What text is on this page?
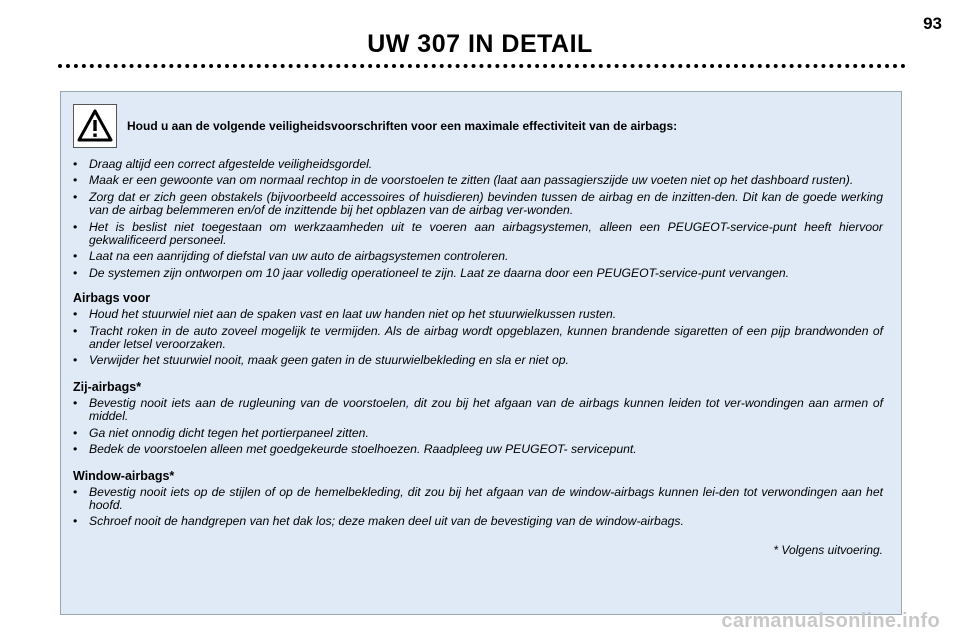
93
UW 307 IN DETAIL
Houd u aan de volgende veiligheidsvoorschriften voor een maximale effectiviteit van de airbags:
• Draag altijd een correct afgestelde veiligheidsgordel.
• Maak er een gewoonte van om normaal rechtop in de voorstoelen te zitten (laat aan passagierszijde uw voeten niet op het dashboard rusten).
• Zorg dat er zich geen obstakels (bijvoorbeeld accessoires of huisdieren) bevinden tussen de airbag en de inzitten-den. Dit kan de goede werking van de airbag belemmeren en/of de inzittende bij het opblazen van de airbag ver-wonden.
• Het is beslist niet toegestaan om werkzaamheden uit te voeren aan airbagsystemen, alleen een PEUGEOT-service-punt heeft hiervoor gekwalificeerd personeel.
• Laat na een aanrijding of diefstal van uw auto de airbagsystemen controleren.
• De systemen zijn ontworpen om 10 jaar volledig operationeel te zijn. Laat ze daarna door een PEUGEOT-service-punt vervangen.
Airbags voor
• Houd het stuurwiel niet aan de spaken vast en laat uw handen niet op het stuurwielkussen rusten.
• Tracht roken in de auto zoveel mogelijk te vermijden. Als de airbag wordt opgeblazen, kunnen brandende sigaretten of een pijp brandwonden of ander letsel veroorzaken.
• Verwijder het stuurwiel nooit, maak geen gaten in de stuurwielbekleding en sla er niet op.
Zij-airbags*
• Bevestig nooit iets aan de rugleuning van de voorstoelen, dit zou bij het afgaan van de airbags kunnen leiden tot ver-wondingen aan armen of middel.
• Ga niet onnodig dicht tegen het portierpaneel zitten.
• Bedek de voorstoelen alleen met goedgekeurde stoelhoezen. Raadpleeg uw PEUGEOT- servicepunt.
Window-airbags*
• Bevestig nooit iets op de stijlen of op de hemelbekleding, dit zou bij het afgaan van de window-airbags kunnen lei-den tot verwondingen aan het hoofd.
• Schroef nooit de handgrepen van het dak los; deze maken deel uit van de bevestiging van de window-airbags.
* Volgens uitvoering.
carmanualsonline.info
